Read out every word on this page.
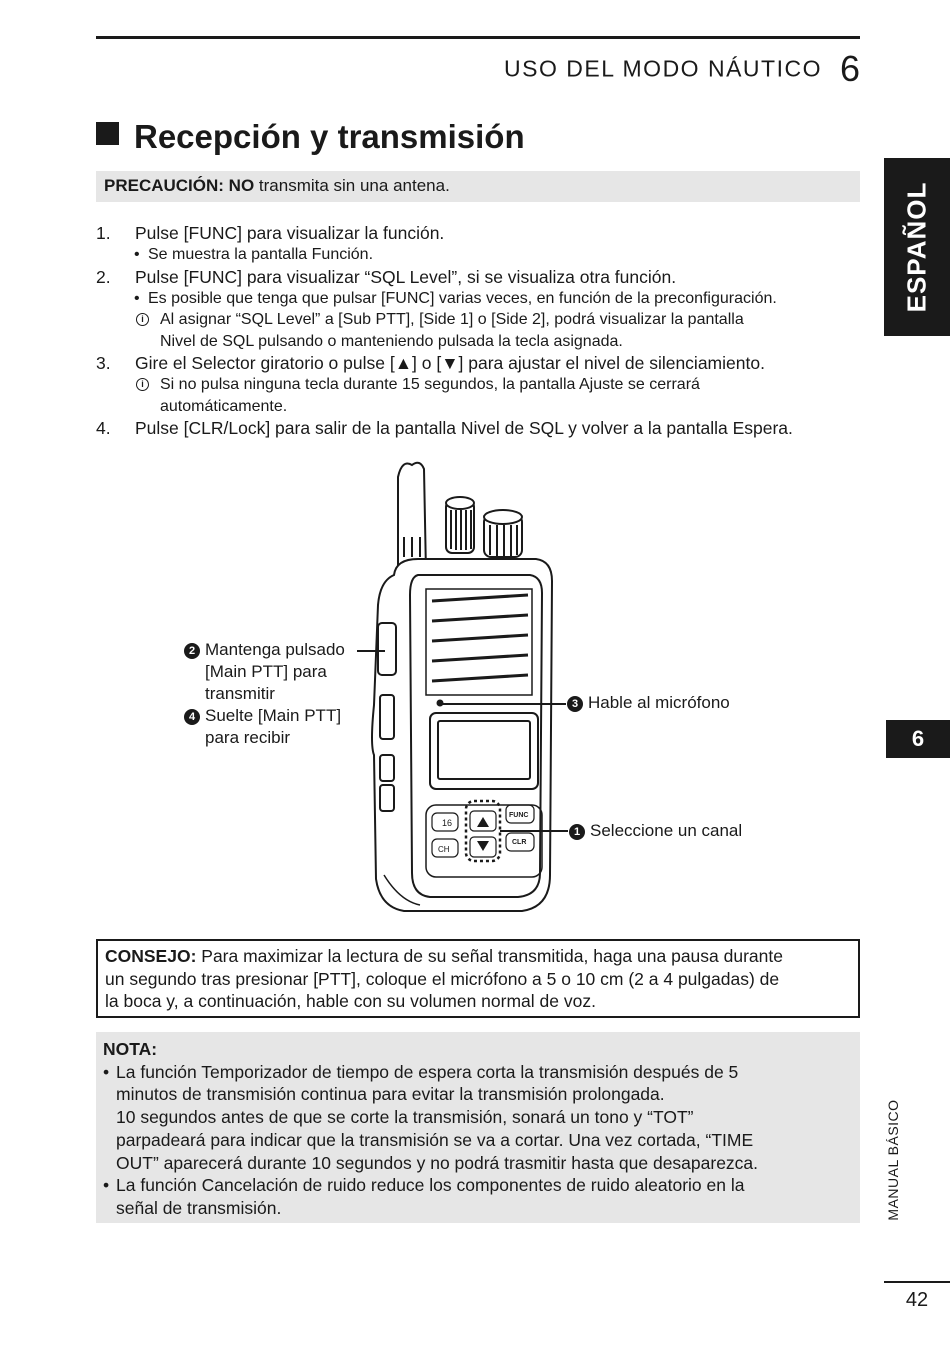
USO DEL MODO NÁUTICO 6
Recepción y transmisión
PRECAUCIÓN: NO transmita sin una antena.
1. Pulse [FUNC] para visualizar la función.
• Se muestra la pantalla Función.
2. Pulse [FUNC] para visualizar “SQL Level”, si se visualiza otra función.
• Es posible que tenga que pulsar [FUNC] varias veces, en función de la preconfiguración.
i	Al asignar “SQL Level” a [Sub PTT], [Side 1] o [Side 2], podrá visualizar la pantalla
Nivel de SQL pulsando o manteniendo pulsada la tecla asignada.
3. Gire el Selector giratorio o pulse [▲] o [▼] para ajustar el nivel de silenciamiento.
i	Si no pulsa ninguna tecla durante 15 segundos, la pantalla Ajuste se cerrará
automáticamente.
4. Pulse [CLR/Lock] para salir de la pantalla Nivel de SQL y volver a la pantalla Espera.
16
CH
FUNC
CLR
2 Mantenga pulsado
[Main PTT] para
transmitir
4 Suelte [Main PTT]
para recibir
3 Hable al micrófono
1 Seleccione un canal
CONSEJO: Para maximizar la lectura de su señal transmitida, haga una pausa durante
un segundo tras presionar [PTT], coloque el micrófono a 5 o 10 cm (2 a 4 pulgadas) de
la boca y, a continuación, hable con su volumen normal de voz.
NOTA:
• La función Temporizador de tiempo de espera corta la transmisión después de 5
minutos de transmisión continua para evitar la transmisión prolongada.
10 segundos antes de que se corte la transmisión, sonará un tono y “TOT”
parpadeará para indicar que la transmisión se va a cortar. Una vez cortada, “TIME
OUT” aparecerá durante 10 segundos y no podrá trasmitir hasta que desaparezca.
• La función Cancelación de ruido reduce los componentes de ruido aleatorio en la
señal de transmisión.
ESPAÑOL
6
MANUAL BÁSICO
42
